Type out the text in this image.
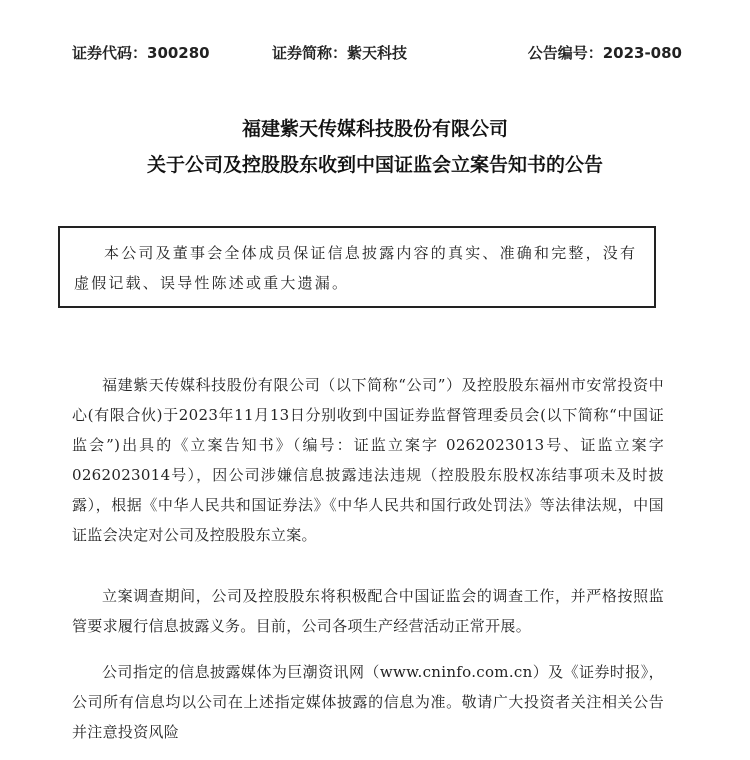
证券代码：300280	证券简称：紫天科技	公告编号：2023-080
福建紫天传媒科技股份有限公司
关于公司及控股股东收到中国证监会立案告知书的公告
本公司及董事会全体成员保证信息披露内容的真实、准确和完整，没有虚假记载、误导性陈述或重大遗漏。

福建紫天传媒科技股份有限公司（以下简称“公司”）及控股股东福州市安常投资中心(有限合伙)于2023年11月13日分别收到中国证券监督管理委员会(以下简称“中国证监会”)出具的《立案告知书》（编号：证监立案字 0262023013号、证监立案字 0262023014号），因公司涉嫌信息披露违法违规（控股股东股权冻结事项未及时披露），根据《中华人民共和国证券法》《中华人民共和国行政处罚法》等法律法规，中国证监会决定对公司及控股股东立案。

立案调查期间，公司及控股股东将积极配合中国证监会的调查工作，并严格按照监管要求履行信息披露义务。目前，公司各项生产经营活动正常开展。

公司指定的信息披露媒体为巨潮资讯网（www.cninfo.com.cn）及《证券时报》，公司所有信息均以公司在上述指定媒体披露的信息为准。敬请广大投资者关注相关公告并注意投资风险
